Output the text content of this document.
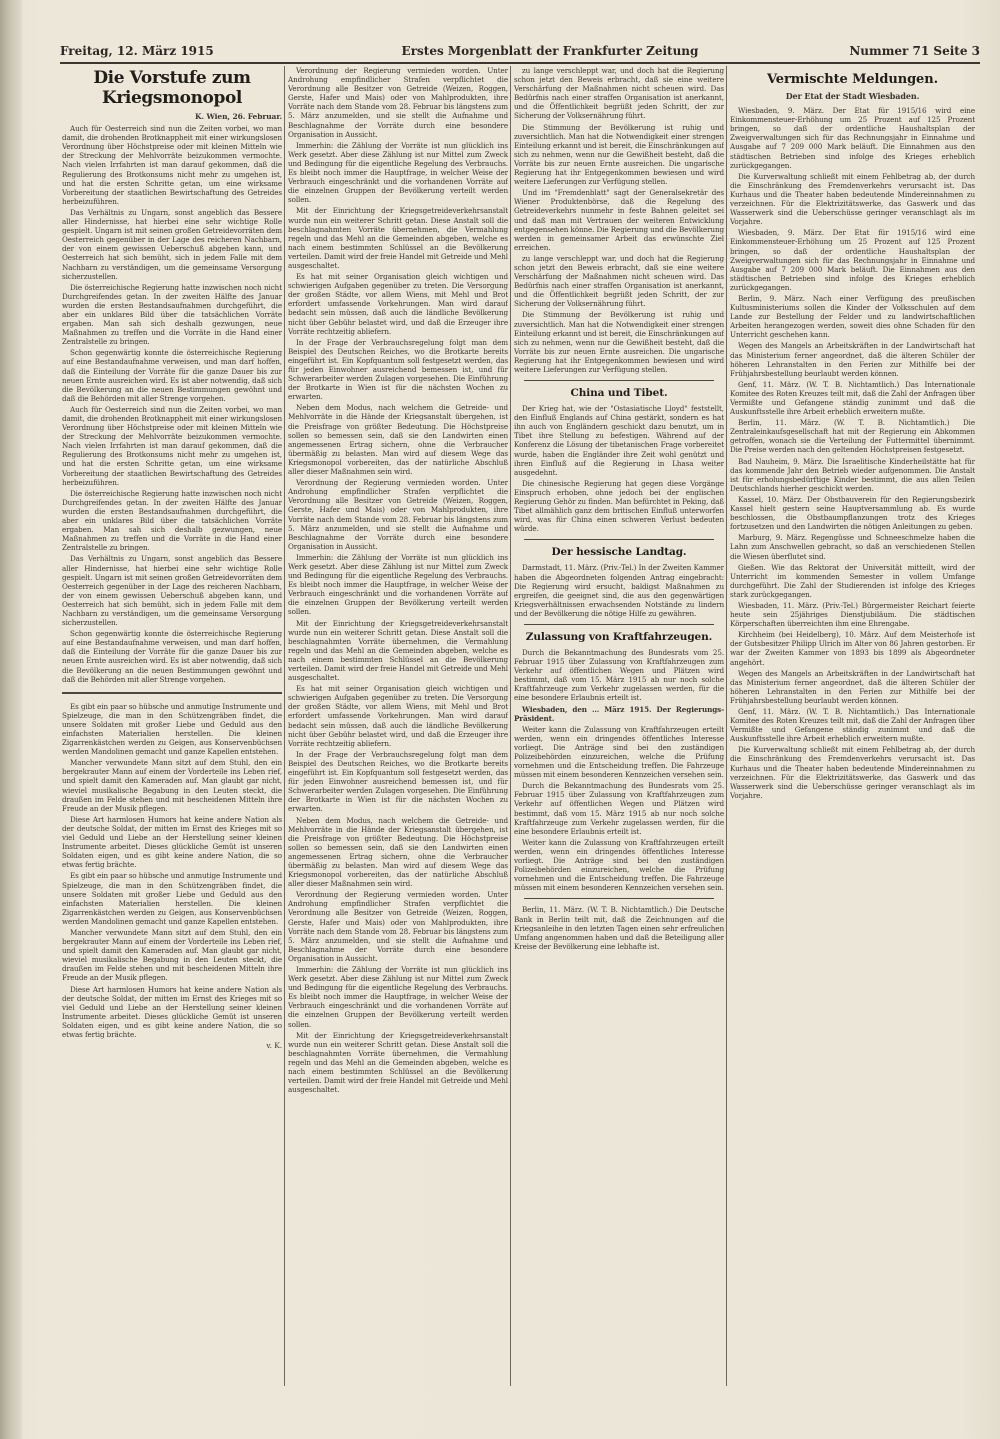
Freitag, 12. März 1915	Erstes Morgenblatt der Frankfurter Zeitung	Nummer 71 Seite 3
Die Vorstufe zum Kriegsmonopol
K. Wien, 26. Februar.

Auch für Oesterreich sind nun die Zeiten vorbei, wo man damit, die drohenden Brotknappheit mit einer wirkungslosen Verordnung über Höchstpreise oder mit kleinen Mitteln wie der Streckung der Mehlvorräte beizukommen vermochte. Nach vielen Irrfahrten ist man darauf gekommen, daß die Regulierung des Brotkonsums nicht mehr zu umgehen ist, und hat die ersten Schritte getan, um eine wirksame Vorbereitung der staatlichen Bewirtschaftung des Getreides herbeizuführen.

Das Verhältnis zu Ungarn, sonst angeblich das Bessere aller Hindernisse, hat hierbei eine sehr wichtige Rolle gespielt. Ungarn ist mit seinen großen Getreidevorräten dem Oesterreich gegenüber in der Lage des reicheren Nachbarn, der von einem gewissen Ueberschuß abgeben kann, und Oesterreich hat sich bemüht, sich in jedem Falle mit dem Nachbarn zu verständigen, um die gemeinsame Versorgung sicherzustellen.

Die österreichische Regierung hatte inzwischen noch nicht Durchgreifendes getan. In der zweiten Hälfte des Januar wurden die ersten Bestandsaufnahmen durchgeführt, die aber ein unklares Bild über die tatsächlichen Vorräte ergaben. Man sah sich deshalb gezwungen, neue Maßnahmen zu treffen und die Vorräte in die Hand einer Zentralstelle zu bringen.

Schon gegenwärtig konnte die österreichische Regierung auf eine Bestandaufnahme verweisen, und man darf hoffen, daß die Einteilung der Vorräte für die ganze Dauer bis zur neuen Ernte ausreichen wird. Es ist aber notwendig, daß sich die Bevölkerung an die neuen Bestimmungen gewöhnt und daß die Behörden mit aller Strenge vorgehen.

Auch für Oesterreich sind nun die Zeiten vorbei, wo man damit, die drohenden Brotknappheit mit einer wirkungslosen Verordnung über Höchstpreise oder mit kleinen Mitteln wie der Streckung der Mehlvorräte beizukommen vermochte. Nach vielen Irrfahrten ist man darauf gekommen, daß die Regulierung des Brotkonsums nicht mehr zu umgehen ist, und hat die ersten Schritte getan, um eine wirksame Vorbereitung der staatlichen Bewirtschaftung des Getreides herbeizuführen.

Die österreichische Regierung hatte inzwischen noch nicht Durchgreifendes getan. In der zweiten Hälfte des Januar wurden die ersten Bestandsaufnahmen durchgeführt, die aber ein unklares Bild über die tatsächlichen Vorräte ergaben. Man sah sich deshalb gezwungen, neue Maßnahmen zu treffen und die Vorräte in die Hand einer Zentralstelle zu bringen.

Das Verhältnis zu Ungarn, sonst angeblich das Bessere aller Hindernisse, hat hierbei eine sehr wichtige Rolle gespielt. Ungarn ist mit seinen großen Getreidevorräten dem Oesterreich gegenüber in der Lage des reicheren Nachbarn, der von einem gewissen Ueberschuß abgeben kann, und Oesterreich hat sich bemüht, sich in jedem Falle mit dem Nachbarn zu verständigen, um die gemeinsame Versorgung sicherzustellen.

Schon gegenwärtig konnte die österreichische Regierung auf eine Bestandaufnahme verweisen, und man darf hoffen, daß die Einteilung der Vorräte für die ganze Dauer bis zur neuen Ernte ausreichen wird. Es ist aber notwendig, daß sich die Bevölkerung an die neuen Bestimmungen gewöhnt und daß die Behörden mit aller Strenge vorgehen.

Es gibt ein paar so hübsche und anmutige Instrumente und Spielzeuge, die man in den Schützengräben findet, die unsere Soldaten mit großer Liebe und Geduld aus den einfachsten Materialien herstellen. Die kleinen Zigarrenkästchen werden zu Geigen, aus Konservenbüchsen werden Mandolinen gemacht und ganze Kapellen entstehen.

Mancher verwundete Mann sitzt auf dem Stuhl, den ein bergekrauter Mann auf einem der Vorderteile ins Leben rief, und spielt damit den Kameraden auf. Man glaubt gar nicht, wieviel musikalische Begabung in den Leuten steckt, die draußen im Felde stehen und mit bescheidenen Mitteln ihre Freude an der Musik pflegen.

Diese Art harmlosen Humors hat keine andere Nation als der deutsche Soldat, der mitten im Ernst des Krieges mit so viel Geduld und Liebe an der Herstellung seiner kleinen Instrumente arbeitet. Dieses glückliche Gemüt ist unseren Soldaten eigen, und es gibt keine andere Nation, die so etwas fertig brächte.

Es gibt ein paar so hübsche und anmutige Instrumente und Spielzeuge, die man in den Schützengräben findet, die unsere Soldaten mit großer Liebe und Geduld aus den einfachsten Materialien herstellen. Die kleinen Zigarrenkästchen werden zu Geigen, aus Konservenbüchsen werden Mandolinen gemacht und ganze Kapellen entstehen.

Mancher verwundete Mann sitzt auf dem Stuhl, den ein bergekrauter Mann auf einem der Vorderteile ins Leben rief, und spielt damit den Kameraden auf. Man glaubt gar nicht, wieviel musikalische Begabung in den Leuten steckt, die draußen im Felde stehen und mit bescheidenen Mitteln ihre Freude an der Musik pflegen.

Diese Art harmlosen Humors hat keine andere Nation als der deutsche Soldat, der mitten im Ernst des Krieges mit so viel Geduld und Liebe an der Herstellung seiner kleinen Instrumente arbeitet. Dieses glückliche Gemüt ist unseren Soldaten eigen, und es gibt keine andere Nation, die so etwas fertig brächte.

v. K.

Verordnung der Regierung vermieden worden. Unter Androhung empfindlicher Strafen verpflichtet die Verordnung alle Besitzer von Getreide (Weizen, Roggen, Gerste, Hafer und Mais) oder von Mahlprodukten, ihre Vorräte nach dem Stande vom 28. Februar bis längstens zum 5. März anzumelden, und sie stellt die Aufnahme und Beschlagnahme der Vorräte durch eine besondere Organisation in Aussicht.

Immerhin: die Zählung der Vorräte ist nun glücklich ins Werk gesetzt. Aber diese Zählung ist nur Mittel zum Zweck und Bedingung für die eigentliche Regelung des Verbrauchs. Es bleibt noch immer die Hauptfrage, in welcher Weise der Verbrauch eingeschränkt und die vorhandenen Vorräte auf die einzelnen Gruppen der Bevölkerung verteilt werden sollen.

Mit der Einrichtung der Kriegsgetreideverkehrsanstalt wurde nun ein weiterer Schritt getan. Diese Anstalt soll die beschlagnahmten Vorräte übernehmen, die Vermahlung regeln und das Mehl an die Gemeinden abgeben, welche es nach einem bestimmten Schlüssel an die Bevölkerung verteilen. Damit wird der freie Handel mit Getreide und Mehl ausgeschaltet.

Es hat mit seiner Organisation gleich wichtigen und schwierigen Aufgaben gegenüber zu treten. Die Versorgung der großen Städte, vor allem Wiens, mit Mehl und Brot erfordert umfassende Vorkehrungen. Man wird darauf bedacht sein müssen, daß auch die ländliche Bevölkerung nicht über Gebühr belastet wird, und daß die Erzeuger ihre Vorräte rechtzeitig abliefern.

In der Frage der Verbrauchsregelung folgt man dem Beispiel des Deutschen Reiches, wo die Brotkarte bereits eingeführt ist. Ein Kopfquantum soll festgesetzt werden, das für jeden Einwohner ausreichend bemessen ist, und für Schwerarbeiter werden Zulagen vorgesehen. Die Einführung der Brotkarte in Wien ist für die nächsten Wochen zu erwarten.

Neben dem Modus, nach welchem die Getreide- und Mehlvorräte in die Hände der Kriegsanstalt übergehen, ist die Preisfrage von größter Bedeutung. Die Höchstpreise sollen so bemessen sein, daß sie den Landwirten einen angemessenen Ertrag sichern, ohne die Verbraucher übermäßig zu belasten. Man wird auf diesem Wege das Kriegsmonopol vorbereiten, das der natürliche Abschluß aller dieser Maßnahmen sein wird.

Verordnung der Regierung vermieden worden. Unter Androhung empfindlicher Strafen verpflichtet die Verordnung alle Besitzer von Getreide (Weizen, Roggen, Gerste, Hafer und Mais) oder von Mahlprodukten, ihre Vorräte nach dem Stande vom 28. Februar bis längstens zum 5. März anzumelden, und sie stellt die Aufnahme und Beschlagnahme der Vorräte durch eine besondere Organisation in Aussicht.

Immerhin: die Zählung der Vorräte ist nun glücklich ins Werk gesetzt. Aber diese Zählung ist nur Mittel zum Zweck und Bedingung für die eigentliche Regelung des Verbrauchs. Es bleibt noch immer die Hauptfrage, in welcher Weise der Verbrauch eingeschränkt und die vorhandenen Vorräte auf die einzelnen Gruppen der Bevölkerung verteilt werden sollen.

Mit der Einrichtung der Kriegsgetreideverkehrsanstalt wurde nun ein weiterer Schritt getan. Diese Anstalt soll die beschlagnahmten Vorräte übernehmen, die Vermahlung regeln und das Mehl an die Gemeinden abgeben, welche es nach einem bestimmten Schlüssel an die Bevölkerung verteilen. Damit wird der freie Handel mit Getreide und Mehl ausgeschaltet.

Es hat mit seiner Organisation gleich wichtigen und schwierigen Aufgaben gegenüber zu treten. Die Versorgung der großen Städte, vor allem Wiens, mit Mehl und Brot erfordert umfassende Vorkehrungen. Man wird darauf bedacht sein müssen, daß auch die ländliche Bevölkerung nicht über Gebühr belastet wird, und daß die Erzeuger ihre Vorräte rechtzeitig abliefern.

In der Frage der Verbrauchsregelung folgt man dem Beispiel des Deutschen Reiches, wo die Brotkarte bereits eingeführt ist. Ein Kopfquantum soll festgesetzt werden, das für jeden Einwohner ausreichend bemessen ist, und für Schwerarbeiter werden Zulagen vorgesehen. Die Einführung der Brotkarte in Wien ist für die nächsten Wochen zu erwarten.

Neben dem Modus, nach welchem die Getreide- und Mehlvorräte in die Hände der Kriegsanstalt übergehen, ist die Preisfrage von größter Bedeutung. Die Höchstpreise sollen so bemessen sein, daß sie den Landwirten einen angemessenen Ertrag sichern, ohne die Verbraucher übermäßig zu belasten. Man wird auf diesem Wege das Kriegsmonopol vorbereiten, das der natürliche Abschluß aller dieser Maßnahmen sein wird.

Verordnung der Regierung vermieden worden. Unter Androhung empfindlicher Strafen verpflichtet die Verordnung alle Besitzer von Getreide (Weizen, Roggen, Gerste, Hafer und Mais) oder von Mahlprodukten, ihre Vorräte nach dem Stande vom 28. Februar bis längstens zum 5. März anzumelden, und sie stellt die Aufnahme und Beschlagnahme der Vorräte durch eine besondere Organisation in Aussicht.

Immerhin: die Zählung der Vorräte ist nun glücklich ins Werk gesetzt. Aber diese Zählung ist nur Mittel zum Zweck und Bedingung für die eigentliche Regelung des Verbrauchs. Es bleibt noch immer die Hauptfrage, in welcher Weise der Verbrauch eingeschränkt und die vorhandenen Vorräte auf die einzelnen Gruppen der Bevölkerung verteilt werden sollen.

Mit der Einrichtung der Kriegsgetreideverkehrsanstalt wurde nun ein weiterer Schritt getan. Diese Anstalt soll die beschlagnahmten Vorräte übernehmen, die Vermahlung regeln und das Mehl an die Gemeinden abgeben, welche es nach einem bestimmten Schlüssel an die Bevölkerung verteilen. Damit wird der freie Handel mit Getreide und Mehl ausgeschaltet.

zu lange verschleppt war, und doch hat die Regierung schon jetzt den Beweis erbracht, daß sie eine weitere Verschärfung der Maßnahmen nicht scheuen wird. Das Bedürfnis nach einer straffen Organisation ist anerkannt, und die Öffentlichkeit begrüßt jeden Schritt, der zur Sicherung der Volksernährung führt.

Die Stimmung der Bevölkerung ist ruhig und zuversichtlich. Man hat die Notwendigkeit einer strengen Einteilung erkannt und ist bereit, die Einschränkungen auf sich zu nehmen, wenn nur die Gewißheit besteht, daß die Vorräte bis zur neuen Ernte ausreichen. Die ungarische Regierung hat ihr Entgegenkommen bewiesen und wird weitere Lieferungen zur Verfügung stellen.

Und im "Fremdenblatt" sagt der Generalsekretär des Wiener Produktenbörse, daß die Regelung des Getreideverkehrs nunmehr in feste Bahnen geleitet sei und daß man mit Vertrauen der weiteren Entwicklung entgegensehen könne. Die Regierung und die Bevölkerung werden in gemeinsamer Arbeit das erwünschte Ziel erreichen.

zu lange verschleppt war, und doch hat die Regierung schon jetzt den Beweis erbracht, daß sie eine weitere Verschärfung der Maßnahmen nicht scheuen wird. Das Bedürfnis nach einer straffen Organisation ist anerkannt, und die Öffentlichkeit begrüßt jeden Schritt, der zur Sicherung der Volksernährung führt.

Die Stimmung der Bevölkerung ist ruhig und zuversichtlich. Man hat die Notwendigkeit einer strengen Einteilung erkannt und ist bereit, die Einschränkungen auf sich zu nehmen, wenn nur die Gewißheit besteht, daß die Vorräte bis zur neuen Ernte ausreichen. Die ungarische Regierung hat ihr Entgegenkommen bewiesen und wird weitere Lieferungen zur Verfügung stellen.

China und Tibet.

Der Krieg hat, wie der "Ostasiatische Lloyd" feststellt, den Einfluß Englands auf China gestärkt, sondern es hat ihn auch von Engländern geschickt dazu benutzt, um in Tibet ihre Stellung zu befestigen. Während auf der Konferenz die Lösung der tibetanischen Frage vorbereitet wurde, haben die Engländer ihre Zeit wohl genützt und ihren Einfluß auf die Regierung in Lhasa weiter ausgedehnt.

Die chinesische Regierung hat gegen diese Vorgänge Einspruch erhoben, ohne jedoch bei der englischen Regierung Gehör zu finden. Man befürchtet in Peking, daß Tibet allmählich ganz dem britischen Einfluß unterworfen wird, was für China einen schweren Verlust bedeuten würde.

Der hessische Landtag.

Darmstadt, 11. März. (Priv.-Tel.) In der Zweiten Kammer haben die Abgeordneten folgenden Antrag eingebracht: Die Regierung wird ersucht, baldigst Maßnahmen zu ergreifen, die geeignet sind, die aus den gegenwärtigen Kriegsverhältnissen erwachsenden Notstände zu lindern und der Bevölkerung die nötige Hilfe zu gewähren.

Zulassung von Kraftfahrzeugen.

Durch die Bekanntmachung des Bundesrats vom 25. Februar 1915 über Zulassung von Kraftfahrzeugen zum Verkehr auf öffentlichen Wegen und Plätzen wird bestimmt, daß vom 15. März 1915 ab nur noch solche Kraftfahrzeuge zum Verkehr zugelassen werden, für die eine besondere Erlaubnis erteilt ist.

Wiesbaden, den ... März 1915. Der Regierungs-Präsident.

Weiter kann die Zulassung von Kraftfahrzeugen erteilt werden, wenn ein dringendes öffentliches Interesse vorliegt. Die Anträge sind bei den zuständigen Polizeibehörden einzureichen, welche die Prüfung vornehmen und die Entscheidung treffen. Die Fahrzeuge müssen mit einem besonderen Kennzeichen versehen sein.

Durch die Bekanntmachung des Bundesrats vom 25. Februar 1915 über Zulassung von Kraftfahrzeugen zum Verkehr auf öffentlichen Wegen und Plätzen wird bestimmt, daß vom 15. März 1915 ab nur noch solche Kraftfahrzeuge zum Verkehr zugelassen werden, für die eine besondere Erlaubnis erteilt ist.

Weiter kann die Zulassung von Kraftfahrzeugen erteilt werden, wenn ein dringendes öffentliches Interesse vorliegt. Die Anträge sind bei den zuständigen Polizeibehörden einzureichen, welche die Prüfung vornehmen und die Entscheidung treffen. Die Fahrzeuge müssen mit einem besonderen Kennzeichen versehen sein.

Berlin, 11. März. (W. T. B. Nichtamtlich.) Die Deutsche Bank in Berlin teilt mit, daß die Zeichnungen auf die Kriegsanleihe in den letzten Tagen einen sehr erfreulichen Umfang angenommen haben und daß die Beteiligung aller Kreise der Bevölkerung eine lebhafte ist.

Vermischte Meldungen.
Der Etat der Stadt Wiesbaden.

Wiesbaden, 9. März. Der Etat für 1915/16 wird eine Einkommensteuer-Erhöhung um 25 Prozent auf 125 Prozent bringen, so daß der ordentliche Haushaltsplan der Zweigverwaltungen sich für das Rechnungsjahr in Einnahme und Ausgabe auf 7 209 000 Mark beläuft. Die Einnahmen aus den städtischen Betrieben sind infolge des Krieges erheblich zurückgegangen.

Die Kurverwaltung schließt mit einem Fehlbetrag ab, der durch die Einschränkung des Fremdenverkehrs verursacht ist. Das Kurhaus und die Theater haben bedeutende Mindereinnahmen zu verzeichnen. Für die Elektrizitätswerke, das Gaswerk und das Wasserwerk sind die Ueberschüsse geringer veranschlagt als im Vorjahre.

Wiesbaden, 9. März. Der Etat für 1915/16 wird eine Einkommensteuer-Erhöhung um 25 Prozent auf 125 Prozent bringen, so daß der ordentliche Haushaltsplan der Zweigverwaltungen sich für das Rechnungsjahr in Einnahme und Ausgabe auf 7 209 000 Mark beläuft. Die Einnahmen aus den städtischen Betrieben sind infolge des Krieges erheblich zurückgegangen.

Berlin, 9. März. Nach einer Verfügung des preußischen Kultusministeriums sollen die Kinder der Volksschulen auf dem Lande zur Bestellung der Felder und zu landwirtschaftlichen Arbeiten herangezogen werden, soweit dies ohne Schaden für den Unterricht geschehen kann.

Wegen des Mangels an Arbeitskräften in der Landwirtschaft hat das Ministerium ferner angeordnet, daß die älteren Schüler der höheren Lehranstalten in den Ferien zur Mithilfe bei der Frühjahrsbestellung beurlaubt werden können.

Genf, 11. März. (W. T. B. Nichtamtlich.) Das Internationale Komitee des Roten Kreuzes teilt mit, daß die Zahl der Anfragen über Vermißte und Gefangene ständig zunimmt und daß die Auskunftsstelle ihre Arbeit erheblich erweitern mußte.

Berlin, 11. März. (W. T. B. Nichtamtlich.) Die Zentraleinkaufsgesellschaft hat mit der Regierung ein Abkommen getroffen, wonach sie die Verteilung der Futtermittel übernimmt. Die Preise werden nach den geltenden Höchstpreisen festgesetzt.

Bad Nauheim, 9. März. Die Israelitische Kinderheilstätte hat für das kommende Jahr den Betrieb wieder aufgenommen. Die Anstalt ist für erholungsbedürftige Kinder bestimmt, die aus allen Teilen Deutschlands hierher geschickt werden.

Kassel, 10. März. Der Obstbauverein für den Regierungsbezirk Kassel hielt gestern seine Hauptversammlung ab. Es wurde beschlossen, die Obstbaumpflanzungen trotz des Krieges fortzusetzen und den Landwirten die nötigen Anleitungen zu geben.

Marburg, 9. März. Regengüsse und Schneeschmelze haben die Lahn zum Anschwellen gebracht, so daß an verschiedenen Stellen die Wiesen überflutet sind.

Gießen. Wie das Rektorat der Universität mitteilt, wird der Unterricht im kommenden Semester in vollem Umfange durchgeführt. Die Zahl der Studierenden ist infolge des Krieges stark zurückgegangen.

Wiesbaden, 11. März. (Priv.-Tel.) Bürgermeister Reichart feierte heute sein 25jähriges Dienstjubiläum. Die städtischen Körperschaften überreichten ihm eine Ehrengabe.

Kirchheim (bei Heidelberg), 10. März. Auf dem Meisterhofe ist der Gutsbesitzer Philipp Ulrich im Alter von 86 Jahren gestorben. Er war der Zweiten Kammer von 1893 bis 1899 als Abgeordneter angehört.

Wegen des Mangels an Arbeitskräften in der Landwirtschaft hat das Ministerium ferner angeordnet, daß die älteren Schüler der höheren Lehranstalten in den Ferien zur Mithilfe bei der Frühjahrsbestellung beurlaubt werden können.

Genf, 11. März. (W. T. B. Nichtamtlich.) Das Internationale Komitee des Roten Kreuzes teilt mit, daß die Zahl der Anfragen über Vermißte und Gefangene ständig zunimmt und daß die Auskunftsstelle ihre Arbeit erheblich erweitern mußte.

Die Kurverwaltung schließt mit einem Fehlbetrag ab, der durch die Einschränkung des Fremdenverkehrs verursacht ist. Das Kurhaus und die Theater haben bedeutende Mindereinnahmen zu verzeichnen. Für die Elektrizitätswerke, das Gaswerk und das Wasserwerk sind die Ueberschüsse geringer veranschlagt als im Vorjahre.
